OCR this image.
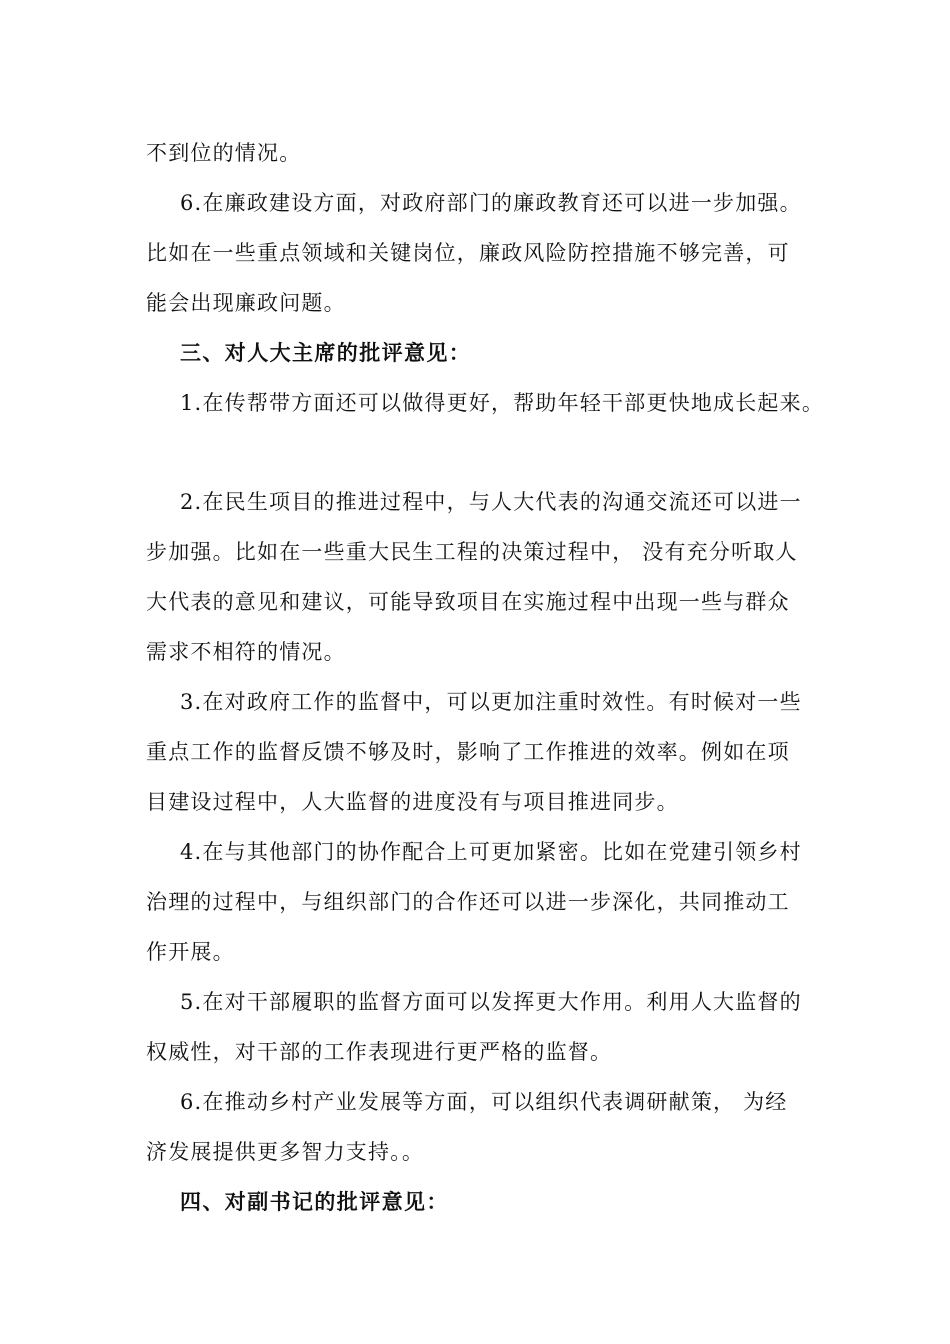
不到位的情况。
6.在廉政建设方面，对政府部门的廉政教育还可以进一步加强。
比如在一些重点领域和关键岗位，廉政风险防控措施不够完善，可
能会出现廉政问题。
三、对人大主席的批评意见：
1.在传帮带方面还可以做得更好，帮助年轻干部更快地成长起来。
2.在民生项目的推进过程中，与人大代表的沟通交流还可以进一
步加强。比如在一些重大民生工程的决策过程中， 没有充分听取人
大代表的意见和建议，可能导致项目在实施过程中出现一些与群众
需求不相符的情况。
3.在对政府工作的监督中，可以更加注重时效性。有时候对一些
重点工作的监督反馈不够及时，影响了工作推进的效率。例如在项
目建设过程中，人大监督的进度没有与项目推进同步。
4.在与其他部门的协作配合上可更加紧密。比如在党建引领乡村
治理的过程中，与组织部门的合作还可以进一步深化，共同推动工
作开展。
5.在对干部履职的监督方面可以发挥更大作用。利用人大监督的
权威性，对干部的工作表现进行更严格的监督。
6.在推动乡村产业发展等方面，可以组织代表调研献策， 为经
济发展提供更多智力支持。。
四、对副书记的批评意见：
